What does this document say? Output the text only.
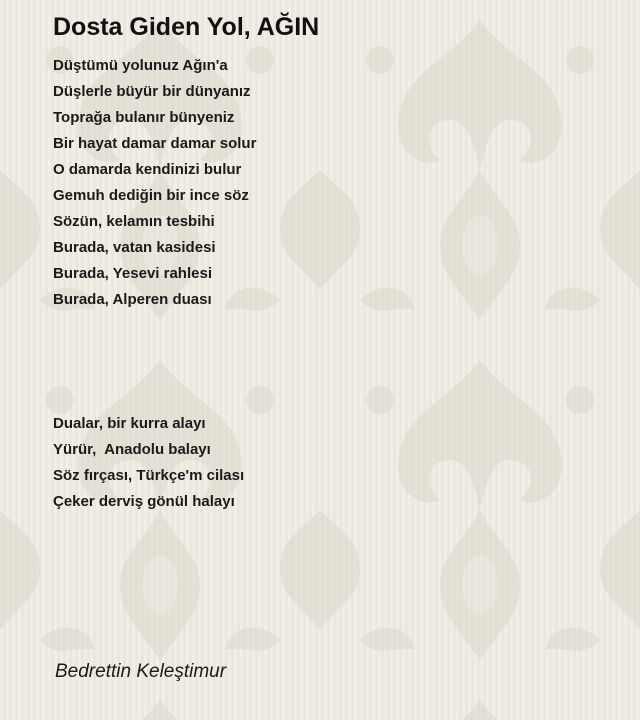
Dosta Giden Yol, AĞIN
Düştümü yolunuz Ağın'a
Düşlerle büyür bir dünyanız
Toprağa bulanır bünyeniz
Bir hayat damar damar solur
O damarda kendinizi bulur
Gemuh dediğin bir ince söz
Sözün, kelamın tesbihi
Burada, vatan kasidesi
Burada, Yesevi rahlesi
Burada, Alperen duası
Dualar, bir kurra alayı
Yürür,  Anadolu balayı
Söz fırçası, Türkçe'm cilası
Çeker derviş gönül halayı

Bedrettin Keleştimur
